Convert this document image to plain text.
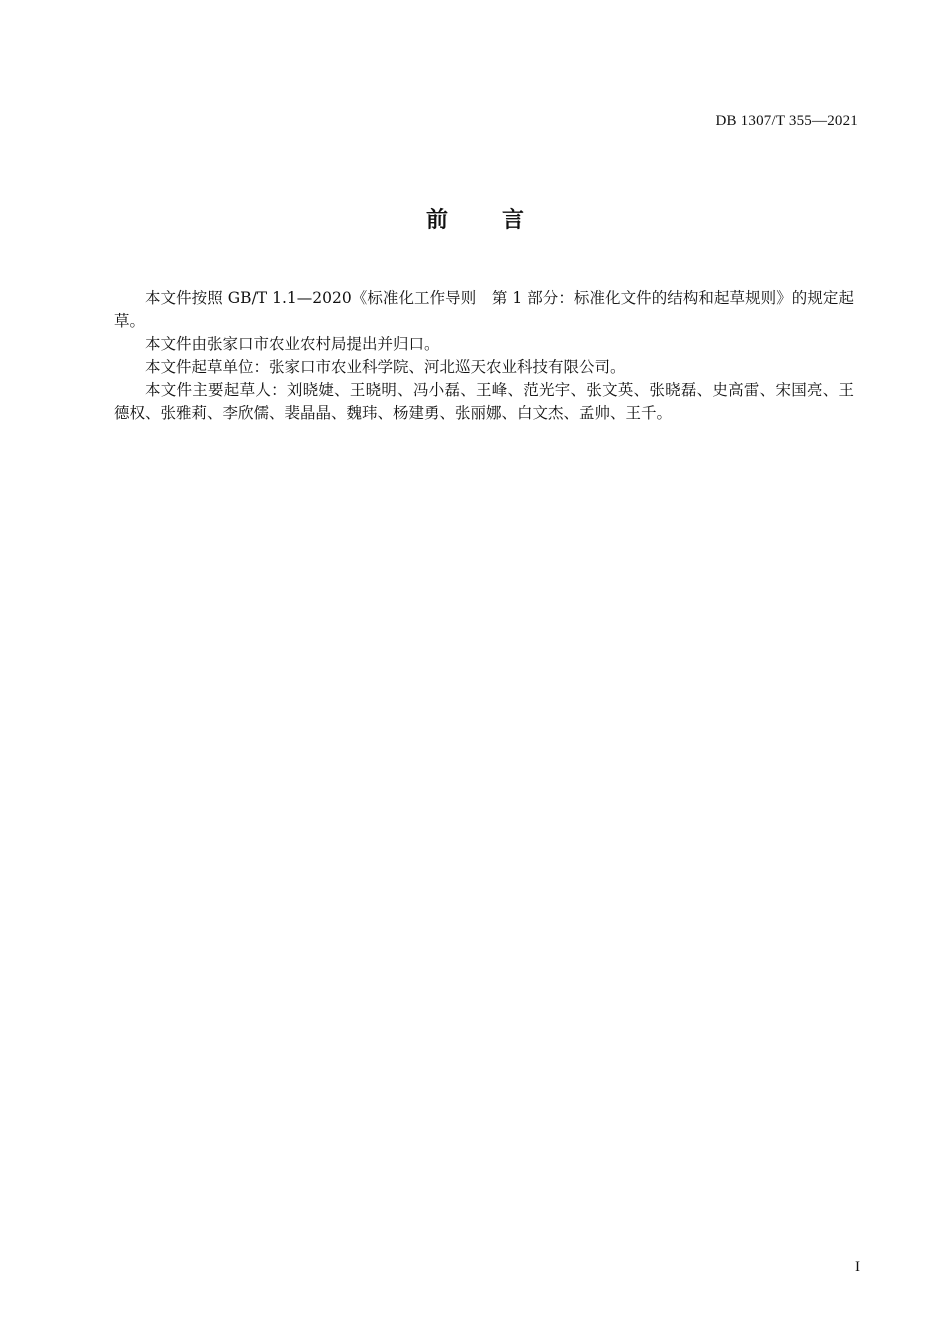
DB 1307/T 355—2021
前言

本文件按照 GB/T 1.1—2020《标准化工作导则　第 1 部分：标准化文件的结构和起草规则》的规定起草。

本文件由张家口市农业农村局提出并归口。

本文件起草单位：张家口市农业科学院、河北巡天农业科技有限公司。

本文件主要起草人：刘晓婕、王晓明、冯小磊、王峰、范光宇、张文英、张晓磊、史高雷、宋国亮、王德权、张雅莉、李欣儒、裴晶晶、魏玮、杨建勇、张丽娜、白文杰、孟帅、王千。

I
